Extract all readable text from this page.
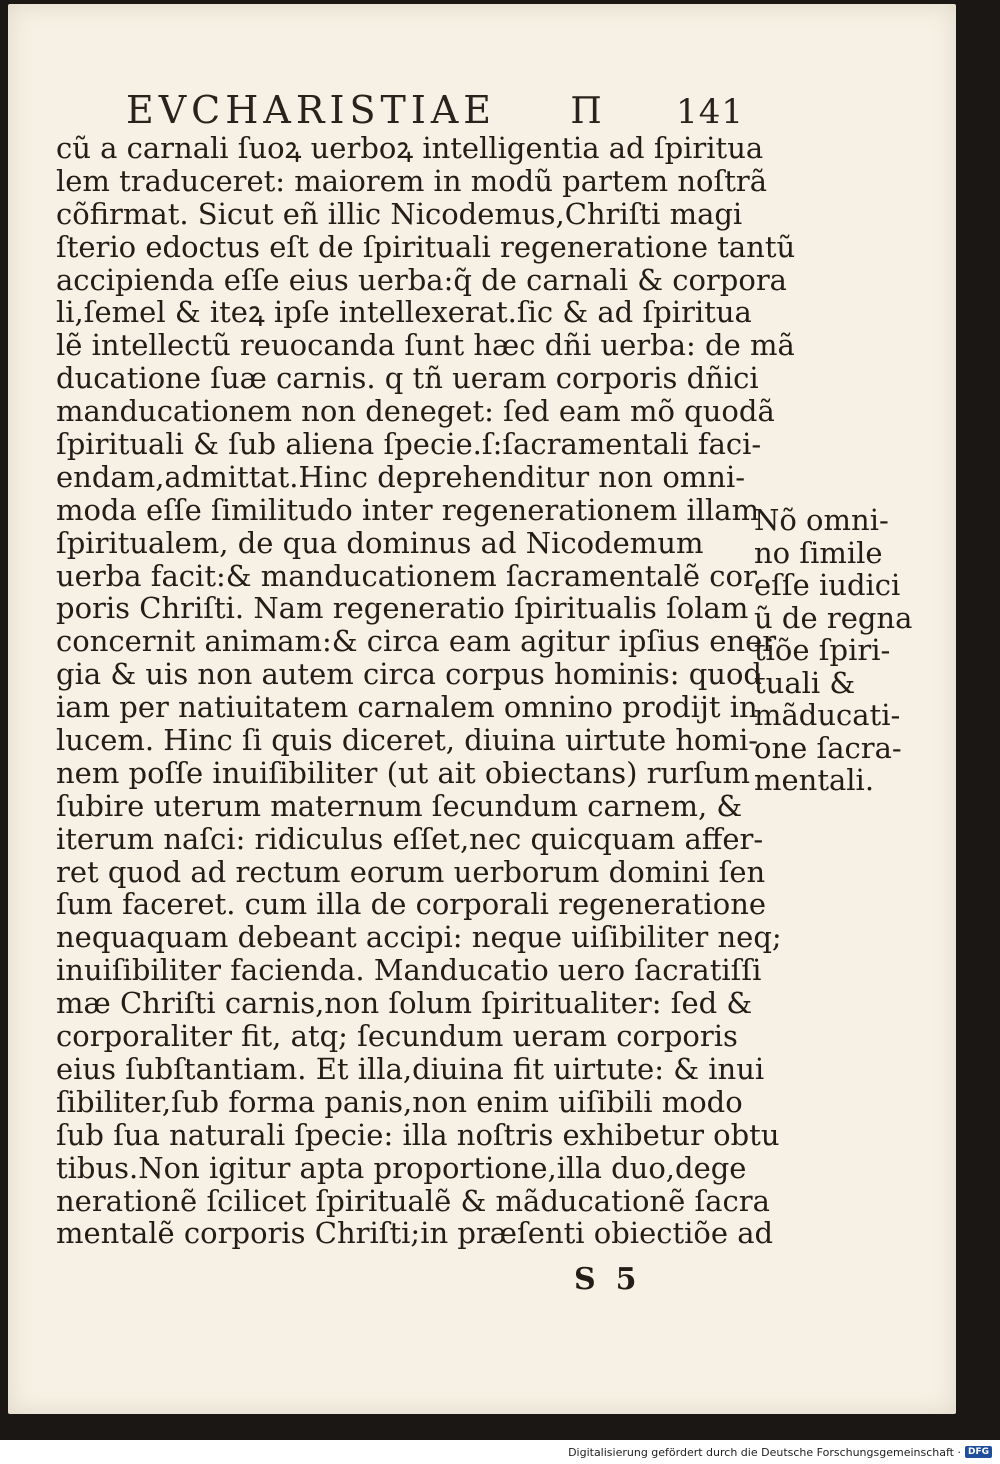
EVCHARISTIAE Π 141
cũ a carnali ſuoꝝ uerboꝝ intelligentia ad ſpiritua
lem traduceret: maiorem in modũ partem noſtrã
cõfirmat. Sicut eñ illic Nicodemus,Chriſti magi
ſterio edoctus eſt de ſpirituali regeneratione tantũ
accipienda eſſe eius uerba:q̃ de carnali & corpora
li,ſemel & iteꝝ ipſe intellexerat.ſic & ad ſpiritua
lẽ intellectũ reuocanda ſunt hæc dñi uerba: de mã
ducatione ſuæ carnis. q tñ ueram corporis dñici
manducationem non deneget: ſed eam mõ quodã
ſpirituali & ſub aliena ſpecie.ſ:ſacramentali faci-
endam,admittat.Hinc deprehenditur non omni-
moda eſſe ſimilitudo inter regenerationem illam
ſpiritualem, de qua dominus ad Nicodemum
uerba facit:& manducationem ſacramentalẽ cor
poris Chriſti. Nam regeneratio ſpiritualis ſolam
concernit animam:& circa eam agitur ipſius ener
gia & uis non autem circa corpus hominis: quod
iam per natiuitatem carnalem omnino prodijt in
lucem. Hinc ſi quis diceret, diuina uirtute homi-
nem poſſe inuiſibiliter (ut ait obiectans) rurſum
ſubire uterum maternum ſecundum carnem, &
iterum naſci: ridiculus eſſet,nec quicquam affer-
ret quod ad rectum eorum uerborum domini ſen
ſum faceret. cum illa de corporali regeneratione
nequaquam debeant accipi: neque uiſibiliter neq;
inuiſibiliter facienda. Manducatio uero ſacratiſſi
mæ Chriſti carnis,non ſolum ſpiritualiter: ſed &
corporaliter fit, atq; ſecundum ueram corporis
eius ſubſtantiam. Et illa,diuina fit uirtute: & inui
ſibiliter,ſub forma panis,non enim uiſibili modo
ſub ſua naturali ſpecie: illa noſtris exhibetur obtu
tibus.Non igitur apta proportione,illa duo,dege
nerationẽ ſcilicet ſpiritualẽ & mãducationẽ ſacra
mentalẽ corporis Chriſti;in præſenti obiectiõe ad
Nõ omni-
no ſimile
eſſe iudici
ũ de regna
tiõe ſpiri-
tuali &
mãducati-
one ſacra-
mentali.
S 5
Digitalisierung gefördert durch die Deutsche Forschungsgemeinschaft · DFG
